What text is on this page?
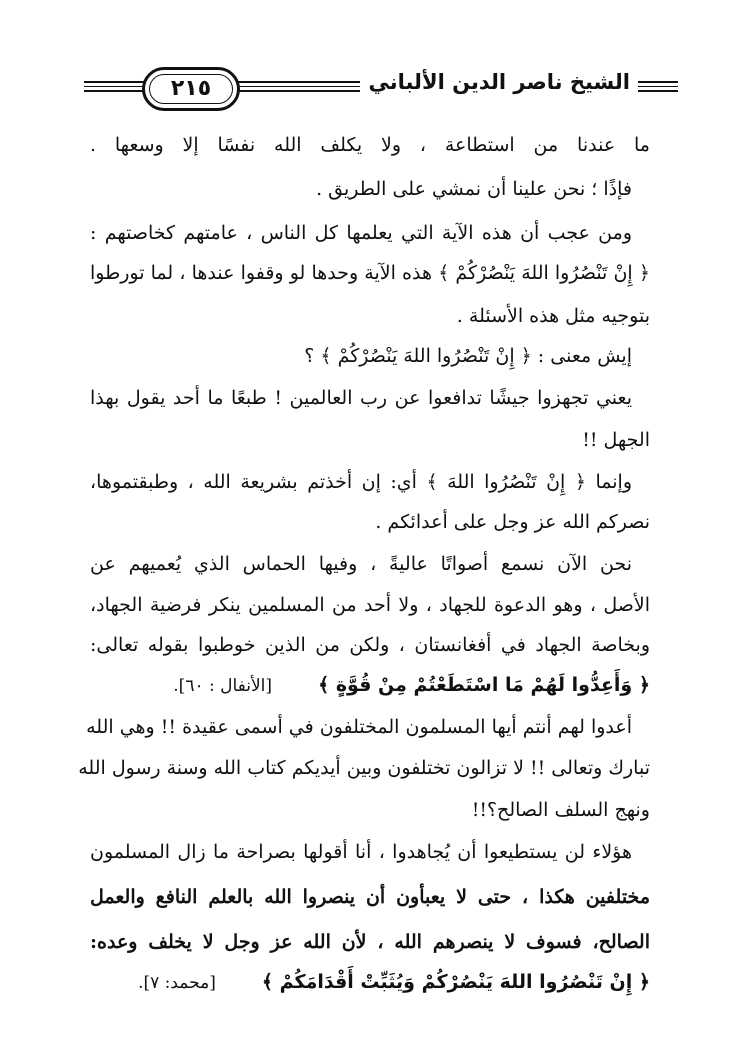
الشيخ ناصر الدين الألباني
٢١٥
ما عندنا من استطاعة ، ولا يكلف الله نفسًا إلا وسعها .
فإذًا ؛ نحن علينا أن نمشي على الطريق .
ومن عجب أن هذه الآية التي يعلمها كل الناس ، عامتهم كخاصتهم :
﴿ إِنْ تَنْصُرُوا اللهَ يَنْصُرْكُمْ ﴾ هذه الآية وحدها لو وقفوا عندها ، لما تورطوا
بتوجيه مثل هذه الأسئلة .
إيش معنى : ﴿ إِنْ تَنْصُرُوا اللهَ يَنْصُرْكُمْ ﴾ ؟
يعني تجهزوا جيشًا تدافعوا عن رب العالمين ! طبعًا ما أحد يقول بهذا
الجهل !!
وإنما ﴿ إِنْ تَنْصُرُوا اللهَ ﴾ أي: إن أخذتم بشريعة الله ، وطبقتموها،
نصركم الله عز وجل على أعدائكم .
نحن الآن نسمع أصواتًا عاليةً ، وفيها الحماس الذي يُعميهم عن
الأصل ، وهو الدعوة للجهاد ، ولا أحد من المسلمين ينكر فرضية الجهاد،
وبخاصة الجهاد في أفغانستان ، ولكن من الذين خوطبوا بقوله تعالى:
﴿ وَأَعِدُّوا لَهُمْ مَا اسْتَطَعْتُمْ مِنْ قُوَّةٍ ﴾ [الأنفال : ٦٠].
أعدوا لهم أنتم أيها المسلمون المختلفون في أسمى عقيدة !! وهي الله
تبارك وتعالى !! لا تزالون تختلفون وبين أيديكم كتاب الله وسنة رسول الله
ونهج السلف الصالح؟!!
هؤلاء لن يستطيعوا أن يُجاهدوا ، أنا أقولها بصراحة ما زال المسلمون
مختلفين هكذا ، حتى لا يعبأون أن ينصروا الله بالعلم النافع والعمل
الصالح، فسوف لا ينصرهم الله ، لأن الله عز وجل لا يخلف وعده:
﴿ إِنْ تَنْصُرُوا اللهَ يَنْصُرْكُمْ وَيُثَبِّتْ أَقْدَامَكُمْ ﴾ [محمد: ٧].
